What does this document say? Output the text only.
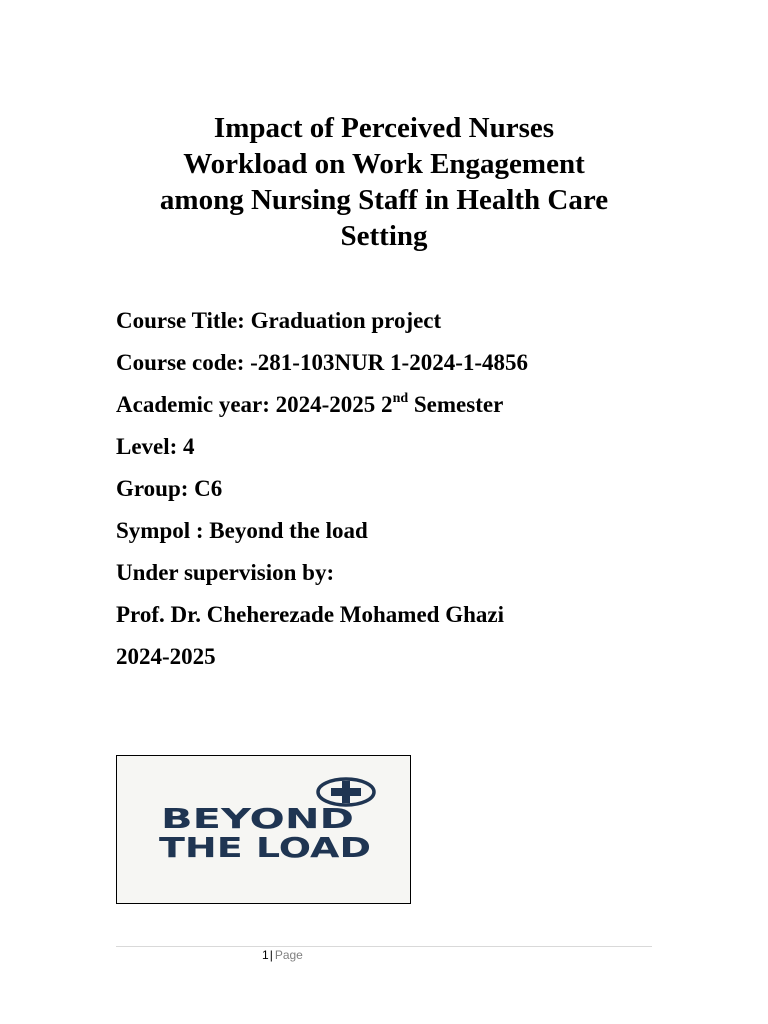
Impact of Perceived Nurses
Workload on Work Engagement
among Nursing Staff in Health Care
Setting
Course Title: Graduation project
Course code: -281-103NUR 1-2024-1-4856
Academic year: 2024-2025 2nd Semester
Level: 4
Group: C6
Sympol : Beyond the load
Under supervision by:
Prof. Dr. Cheherezade Mohamed Ghazi
2024-2025
BEYOND
THE LOAD
1| Page
